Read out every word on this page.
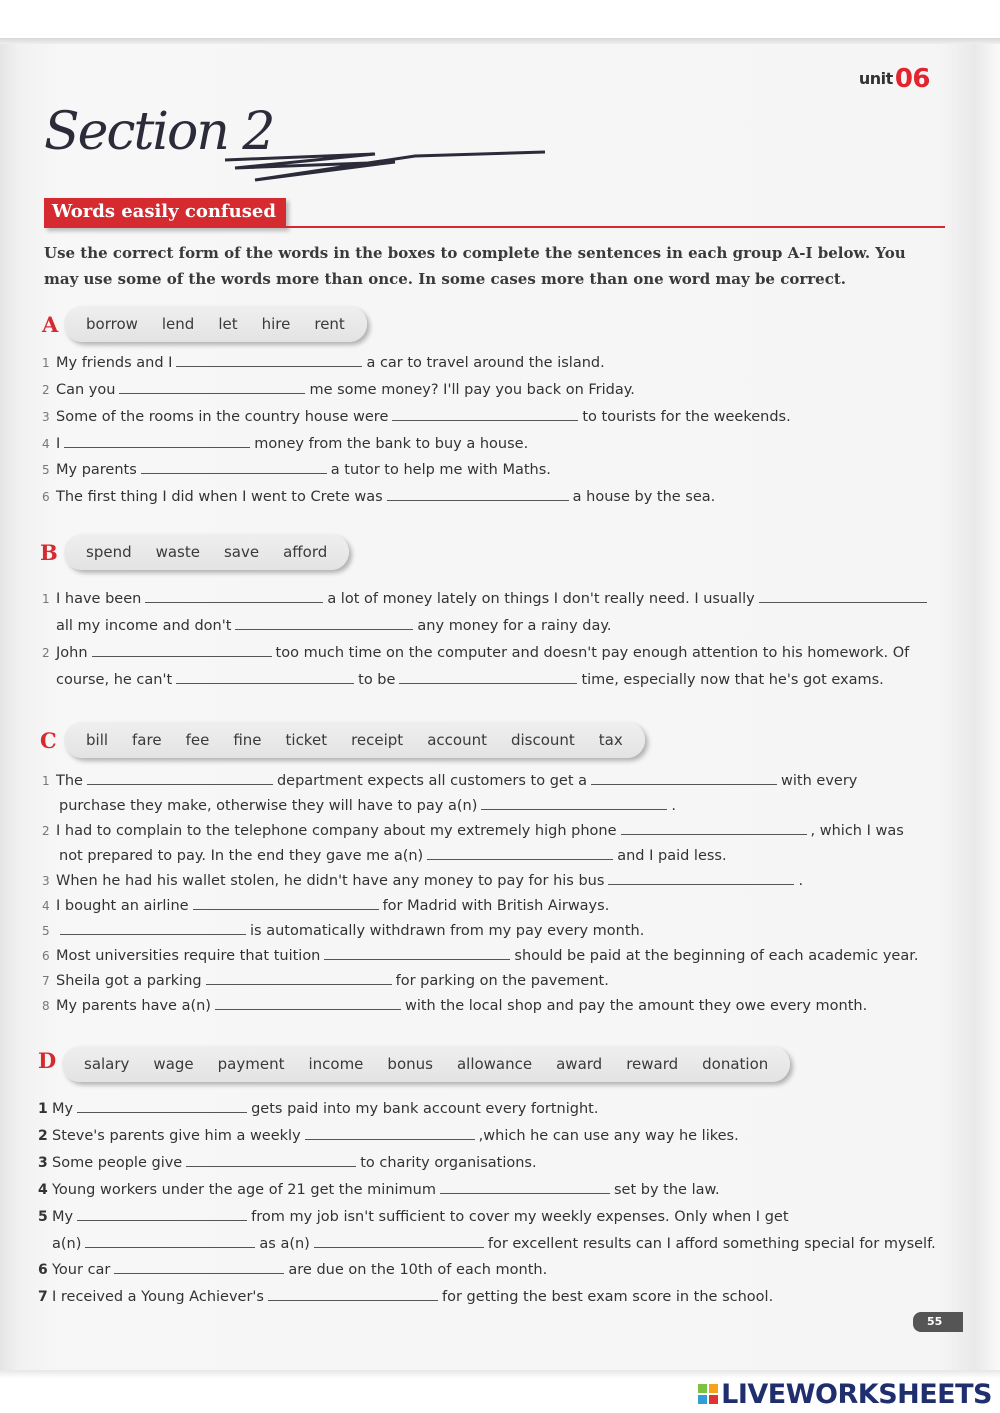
unit06
Section 2
Words easily confused
Use the correct form of the words in the boxes to complete the sentences in each group A-I below. You may use some of the words more than once. In some cases more than one word may be correct.
A borrow lend let hire rent
1 My friends and I	a car to travel around the island.
2 Can you	me some money? I'll pay you back on Friday.
3 Some of the rooms in the country house were	to tourists for the weekends.
4 I	money from the bank to buy a house.
5 My parents	a tutor to help me with Maths.
6 The first thing I did when I went to Crete was	a house by the sea.
B spend waste save afford
1 I have been	a lot of money lately on things I don't really need. I usually
all my income and don't	any money for a rainy day.
2 John	too much time on the computer and doesn't pay enough attention to his homework. Of
course, he can't	to be	time, especially now that he's got exams.
C bill fare fee fine ticket receipt account discount tax
1 The	department expects all customers to get a	with every
purchase they make, otherwise they will have to pay a(n)	.
2 I had to complain to the telephone company about my extremely high phone	, which I was
not prepared to pay. In the end they gave me a(n)	and I paid less.
3 When he had his wallet stolen, he didn't have any money to pay for his bus	.
4 I bought an airline	for Madrid with British Airways.
5	is automatically withdrawn from my pay every month.
6 Most universities require that tuition	should be paid at the beginning of each academic year.
7 Sheila got a parking	for parking on the pavement.
8 My parents have a(n)	with the local shop and pay the amount they owe every month.
D salary wage payment income bonus allowance award reward donation
1 My	gets paid into my bank account every fortnight.
2 Steve's parents give him a weekly	,which he can use any way he likes.
3 Some people give	to charity organisations.
4 Young workers under the age of 21 get the minimum	set by the law.
5 My	from my job isn't sufficient to cover my weekly expenses. Only when I get
a(n)	as a(n)	for excellent results can I afford something special for myself.
6 Your car	are due on the 10th of each month.
7 I received a Young Achiever's	for getting the best exam score in the school.
55
LIVEWORKSHEETS
